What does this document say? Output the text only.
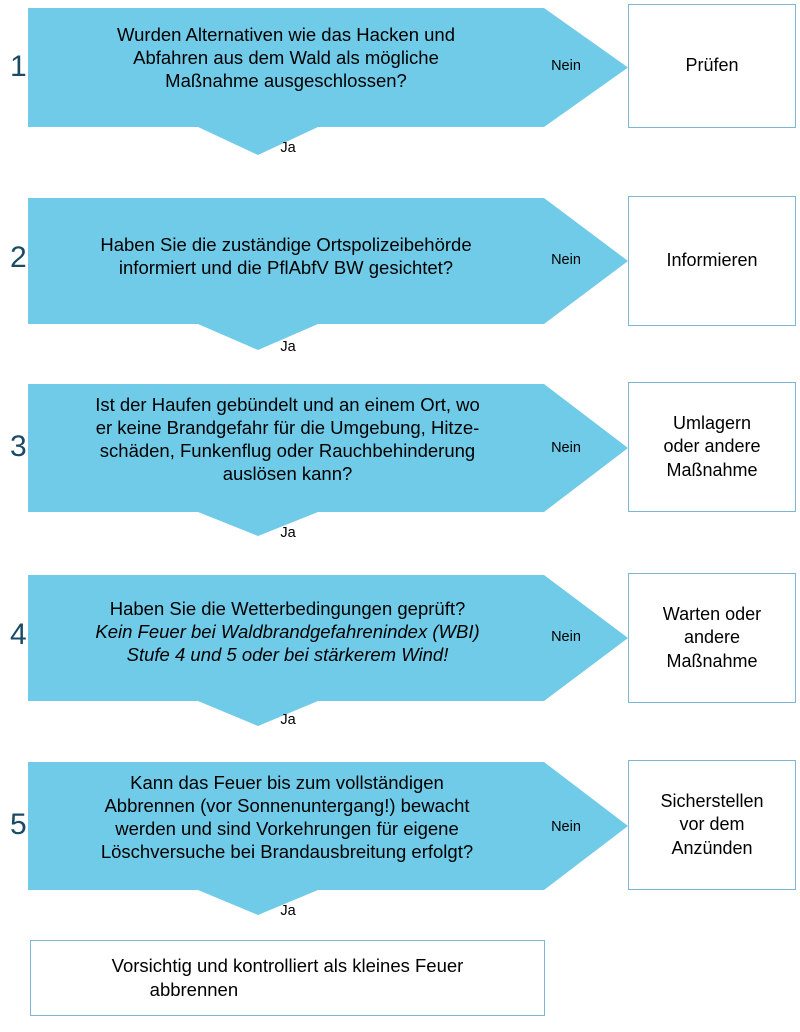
1
Wurden Alternativen wie das Hacken und
Abfahren aus dem Wald als mögliche
Maßnahme ausgeschlossen?
Nein
Ja
Prüfen
2	Haben Sie die zuständige Ortspolizeibehörde
informiert und die PflAbfV BW gesichtet?	Nein
Ja
Informieren
3
Ist der Haufen gebündelt und an einem Ort, wo
er keine Brandgefahr für die Umgebung, Hitze-
schäden, Funkenflug oder Rauchbehinderung
auslösen kann?
Nein
Ja
Umlagern
oder andere
Maßnahme
4
Haben Sie die Wetterbedingungen geprüft?
Kein Feuer bei Waldbrandgefahrenindex (WBI)
Stufe 4 und 5 oder bei stärkerem Wind!
Nein
Ja
Warten oder
andere
Maßnahme
5
Kann das Feuer bis zum vollständigen
Abbrennen (vor Sonnenuntergang!) bewacht
werden und sind Vorkehrungen für eigene
Löschversuche bei Brandausbreitung erfolgt?
Nein
Ja
Sicherstellen
vor dem
Anzünden
Vorsichtig und kontrolliert als kleines Feuer
abbrennen
